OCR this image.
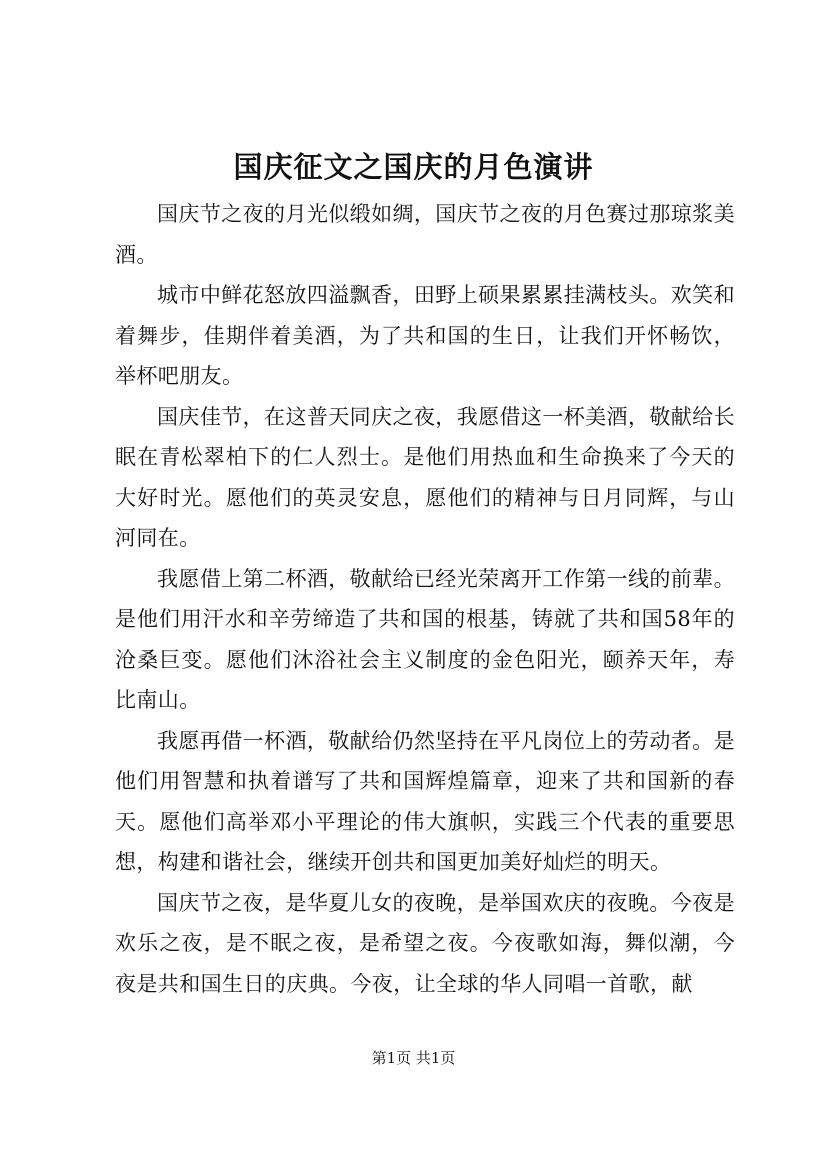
国庆征文之国庆的月色演讲

国庆节之夜的月光似缎如绸，国庆节之夜的月色赛过那琼浆美酒。

城市中鲜花怒放四溢飘香，田野上硕果累累挂满枝头。欢笑和着舞步，佳期伴着美酒，为了共和国的生日，让我们开怀畅饮，举杯吧朋友。

国庆佳节，在这普天同庆之夜，我愿借这一杯美酒，敬献给长眠在青松翠柏下的仁人烈士。是他们用热血和生命换来了今天的大好时光。愿他们的英灵安息，愿他们的精神与日月同辉，与山河同在。

我愿借上第二杯酒，敬献给已经光荣离开工作第一线的前辈。是他们用汗水和辛劳缔造了共和国的根基，铸就了共和国58年的沧桑巨变。愿他们沐浴社会主义制度的金色阳光，颐养天年，寿比南山。

我愿再借一杯酒，敬献给仍然坚持在平凡岗位上的劳动者。是他们用智慧和执着谱写了共和国辉煌篇章，迎来了共和国新的春天。愿他们高举邓小平理论的伟大旗帜，实践三个代表的重要思想，构建和谐社会，继续开创共和国更加美好灿烂的明天。

国庆节之夜，是华夏儿女的夜晚，是举国欢庆的夜晚。今夜是欢乐之夜，是不眠之夜，是希望之夜。今夜歌如海，舞似潮，今夜是共和国生日的庆典。今夜，让全球的华人同唱一首歌，献

第1页 共1页
